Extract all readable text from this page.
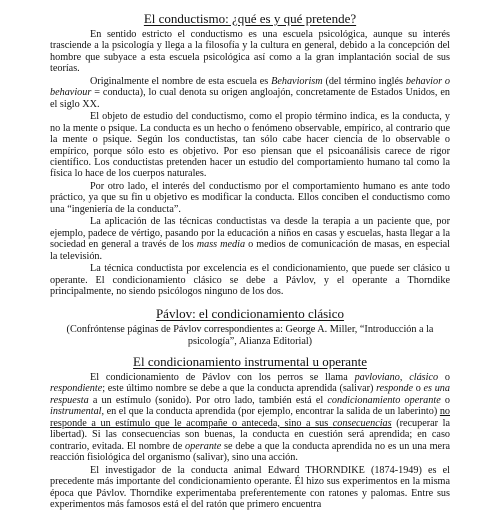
El conductismo: ¿qué es y qué pretende?

En sentido estricto el conductismo es una escuela psicológica, aunque su interés trasciende a la psicología y llega a la filosofía y la cultura en general, debido a la concepción del hombre que subyace a esta escuela psicológica así como a la gran implantación social de sus teorías.

Originalmente el nombre de esta escuela es Behaviorism (del término inglés behavior o behaviour = conducta), lo cual denota su origen angloajón, concretamente de Estados Unidos, en el siglo XX.

El objeto de estudio del conductismo, como el propio término indica, es la conducta, y no la mente o psique. La conducta es un hecho o fenómeno observable, empírico, al contrario que la mente o psique. Según los conductistas, tan sólo cabe hacer ciencia de lo observable o empírico, porque sólo esto es objetivo. Por eso piensan que el psicoanálisis carece de rigor científico. Los conductistas pretenden hacer un estudio del comportamiento humano tal como la física lo hace de los cuerpos naturales.

Por otro lado, el interés del conductismo por el comportamiento humano es ante todo práctico, ya que su fin u objetivo es modificar la conducta. Ellos conciben el conductismo como una “ingeniería de la conducta”.

La aplicación de las técnicas conductistas va desde la terapia a un paciente que, por ejemplo, padece de vértigo, pasando por la educación a niños en casas y escuelas, hasta llegar a la sociedad en general a través de los mass media o medios de comunicación de masas, en especial la televisión.

La técnica conductista por excelencia es el condicionamiento, que puede ser clásico u operante. El condicionamiento clásico se debe a Pávlov, y el operante a Thorndike principalmente, no siendo psicólogos ninguno de los dos.

Pávlov: el condicionamiento clásico

(Confróntense páginas de Pávlov correspondientes a: George A. Miller, “Introducción a la psicología”, Alianza Editorial)

El condicionamiento instrumental u operante

El condicionamiento de Pávlov con los perros se llama pavloviano, clásico o respondiente; este último nombre se debe a que la conducta aprendida (salivar) responde o es una respuesta a un estímulo (sonido). Por otro lado, también está el condicionamiento operante o instrumental, en el que la conducta aprendida (por ejemplo, encontrar la salida de un laberinto) no responde a un estímulo que le acompañe o anteceda, sino a sus consecuencias (recuperar la libertad). Si las consecuencias son buenas, la conducta en cuestión será aprendida; en caso contrario, evitada. El nombre de operante se debe a que la conducta aprendida no es un una mera reacción fisiológica del organismo (salivar), sino una acción.

El investigador de la conducta animal Edward THORNDIKE (1874-1949) es el precedente más importante del condicionamiento operante. Él hizo sus experimentos en la misma época que Pávlov. Thorndike experimentaba preferentemente con ratones y palomas. Entre sus experimentos más famosos está el del ratón que primero encuentra
